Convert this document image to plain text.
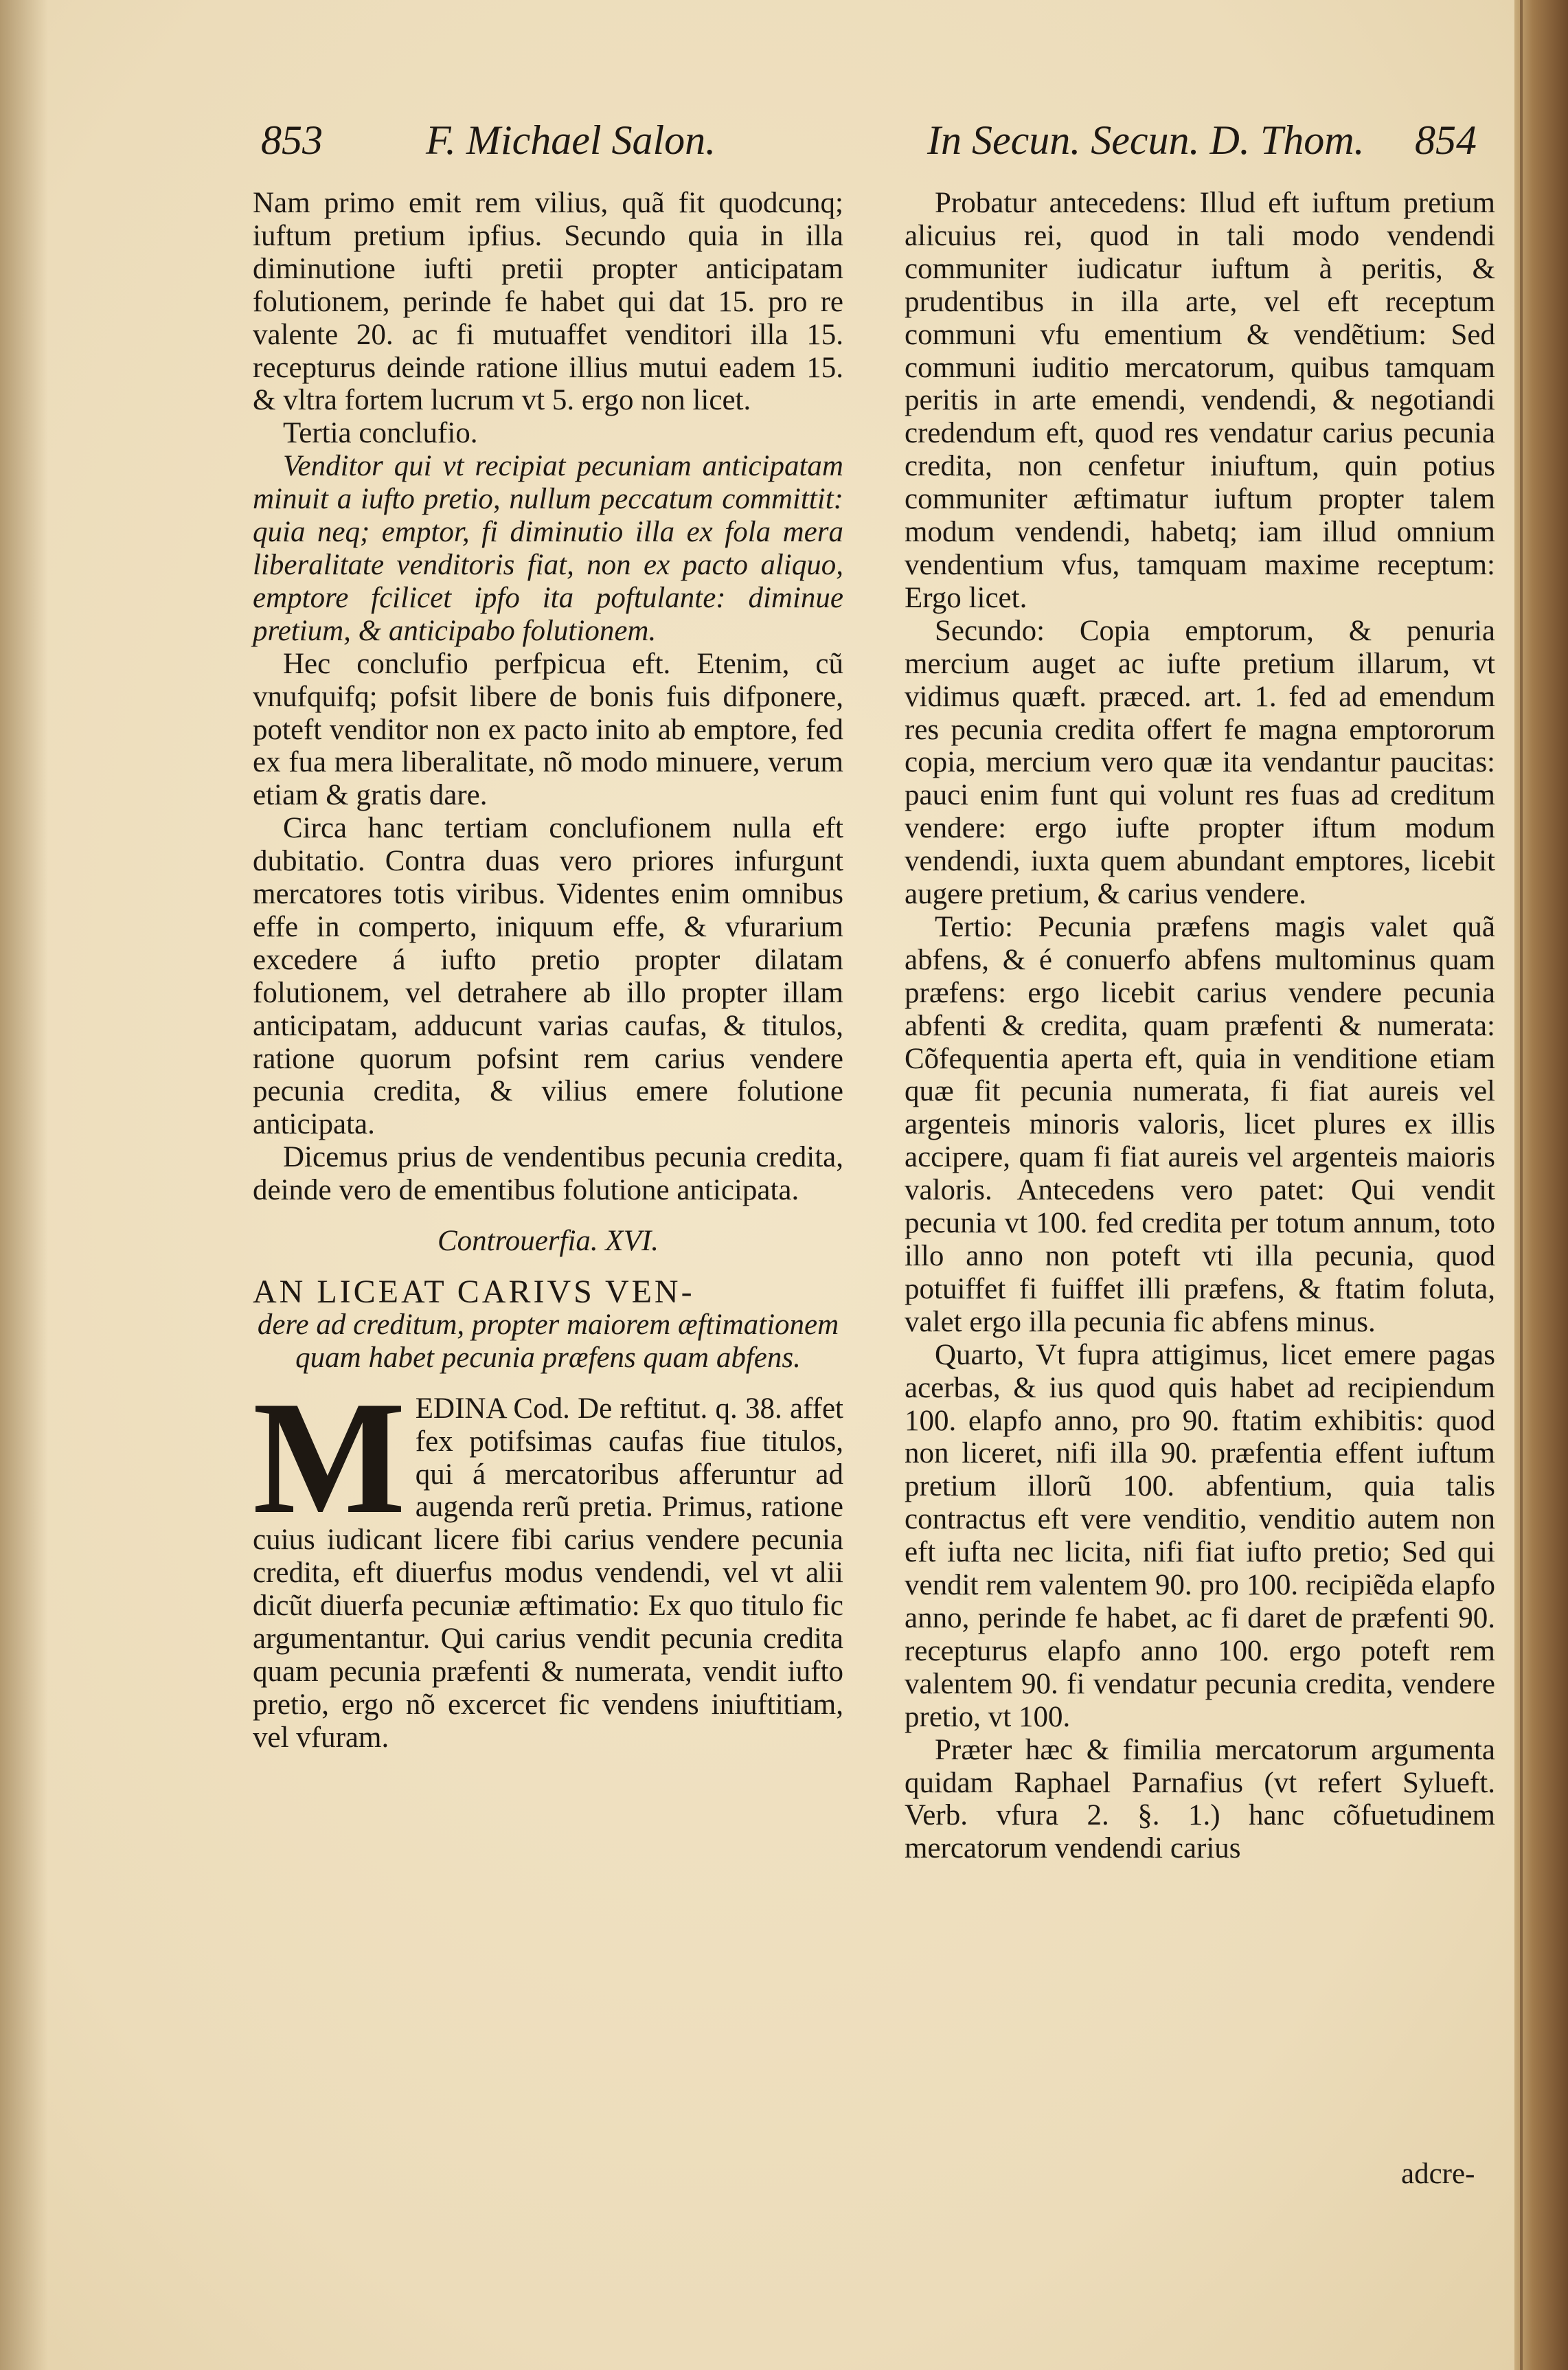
853	F. Michael Salon.	In Secun. Secun. D. Thom. 854

Nam primo emit rem vilius, quã fit quodcunq; iuftum pretium ipfius. Secundo quia in illa diminutione iufti pretii propter anticipatam folutionem, perinde fe habet qui dat 15. pro re valente 20. ac fi mutuaffet venditori illa 15. recepturus deinde ratione illius mutui eadem 15. & vltra fortem lucrum vt 5. ergo non licet.

Tertia conclufio.

Venditor qui vt recipiat pecuniam anticipatam minuit a iufto pretio, nullum peccatum committit: quia neq; emptor, fi diminutio illa ex fola mera liberalitate venditoris fiat, non ex pacto aliquo, emptore fcilicet ipfo ita poftulante: diminue pretium, & anticipabo folutionem.

Hec conclufio perfpicua eft. Etenim, cũ vnufquifq; pofsit libere de bonis fuis difponere, poteft venditor non ex pacto inito ab emptore, fed ex fua mera liberalitate, nõ modo minuere, verum etiam & gratis dare.

Circa hanc tertiam conclufionem nulla eft dubitatio. Contra duas vero priores infurgunt mercatores totis viribus. Videntes enim omnibus effe in comperto, iniquum effe, & vfurarium excedere á iufto pretio propter dilatam folutionem, vel detrahere ab illo propter illam anticipatam, adducunt varias caufas, & titulos, ratione quorum pofsint rem carius vendere pecunia credita, & vilius emere folutione anticipata.

Dicemus prius de vendentibus pecunia credita, deinde vero de ementibus folutione anticipata.

Controuerfia. XVI.

AN LICEAT CARIVS VEN-

dere ad creditum, propter maiorem æftimationem quam habet pecunia præfens quam abfens.

M EDINA Cod. De reftitut. q. 38. affet fex potifsimas caufas fiue titulos, qui á mercatoribus afferuntur ad augenda rerũ pretia. Primus, ratione cuius iudicant licere fibi carius vendere pecunia credita, eft diuerfus modus vendendi, vel vt alii dicũt diuerfa pecuniæ æftimatio: Ex quo titulo fic argumentantur. Qui carius vendit pecunia credita quam pecunia præfenti & numerata, vendit iufto pretio, ergo nõ excercet fic vendens iniuftitiam, vel vfuram.

Probatur antecedens: Illud eft iuftum pretium alicuius rei, quod in tali modo vendendi communiter iudicatur iuftum à peritis, & prudentibus in illa arte, vel eft receptum communi vfu ementium & vendẽtium: Sed communi iuditio mercatorum, quibus tamquam peritis in arte emendi, vendendi, & negotiandi credendum eft, quod res vendatur carius pecunia credita, non cenfetur iniuftum, quin potius communiter æftimatur iuftum propter talem modum vendendi, habetq; iam illud omnium vendentium vfus, tamquam maxime receptum: Ergo licet.

Secundo: Copia emptorum, & penuria mercium auget ac iufte pretium illarum, vt vidimus quæft. præced. art. 1. fed ad emendum res pecunia credita offert fe magna emptororum copia, mercium vero quæ ita vendantur paucitas: pauci enim funt qui volunt res fuas ad creditum vendere: ergo iufte propter iftum modum vendendi, iuxta quem abundant emptores, licebit augere pretium, & carius vendere.

Tertio: Pecunia præfens magis valet quã abfens, & é conuerfo abfens multominus quam præfens: ergo licebit carius vendere pecunia abfenti & credita, quam præfenti & numerata: Cõfequentia aperta eft, quia in venditione etiam quæ fit pecunia numerata, fi fiat aureis vel argenteis minoris valoris, licet plures ex illis accipere, quam fi fiat aureis vel argenteis maioris valoris. Antecedens vero patet: Qui vendit pecunia vt 100. fed credita per totum annum, toto illo anno non poteft vti illa pecunia, quod potuiffet fi fuiffet illi præfens, & ftatim foluta, valet ergo illa pecunia fic abfens minus.

Quarto, Vt fupra attigimus, licet emere pagas acerbas, & ius quod quis habet ad recipiendum 100. elapfo anno, pro 90. ftatim exhibitis: quod non liceret, nifi illa 90. præfentia effent iuftum pretium illorũ 100. abfentium, quia talis contractus eft vere venditio, venditio autem non eft iufta nec licita, nifi fiat iufto pretio; Sed qui vendit rem valentem 90. pro 100. recipiẽda elapfo anno, perinde fe habet, ac fi daret de præfenti 90. recepturus elapfo anno 100. ergo poteft rem valentem 90. fi vendatur pecunia credita, vendere pretio, vt 100.

Præter hæc & fimilia mercatorum argumenta quidam Raphael Parnafius (vt refert Sylueft. Verb. vfura 2. §. 1.) hanc cõfuetudinem mercatorum vendendi carius

adcre-
